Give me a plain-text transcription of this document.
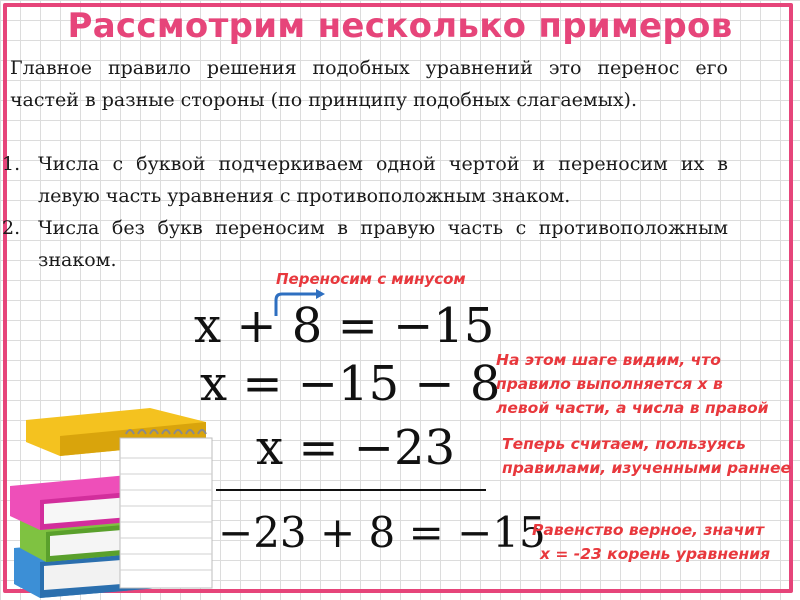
Рассмотрим несколько примеров
Главное правило решения подобных уравнений это перенос его частей в разные стороны (по принципу подобных слагаемых).
1. Числа с буквой подчеркиваем одной чертой и переносим их в левую часть уравнения с противоположным знаком.
2. Числа без букв переносим в правую часть с противоположным знаком.
Переносим с минусом
x + 8 = −15
x = −15 − 8
x = −23
−23 + 8 = −15
На этом шаге видим, что правило выполняется х в левой части, а числа в правой
Теперь считаем, пользуясь правилами, изученными раннее
Равенство верное, значит
х = -23 корень уравнения
